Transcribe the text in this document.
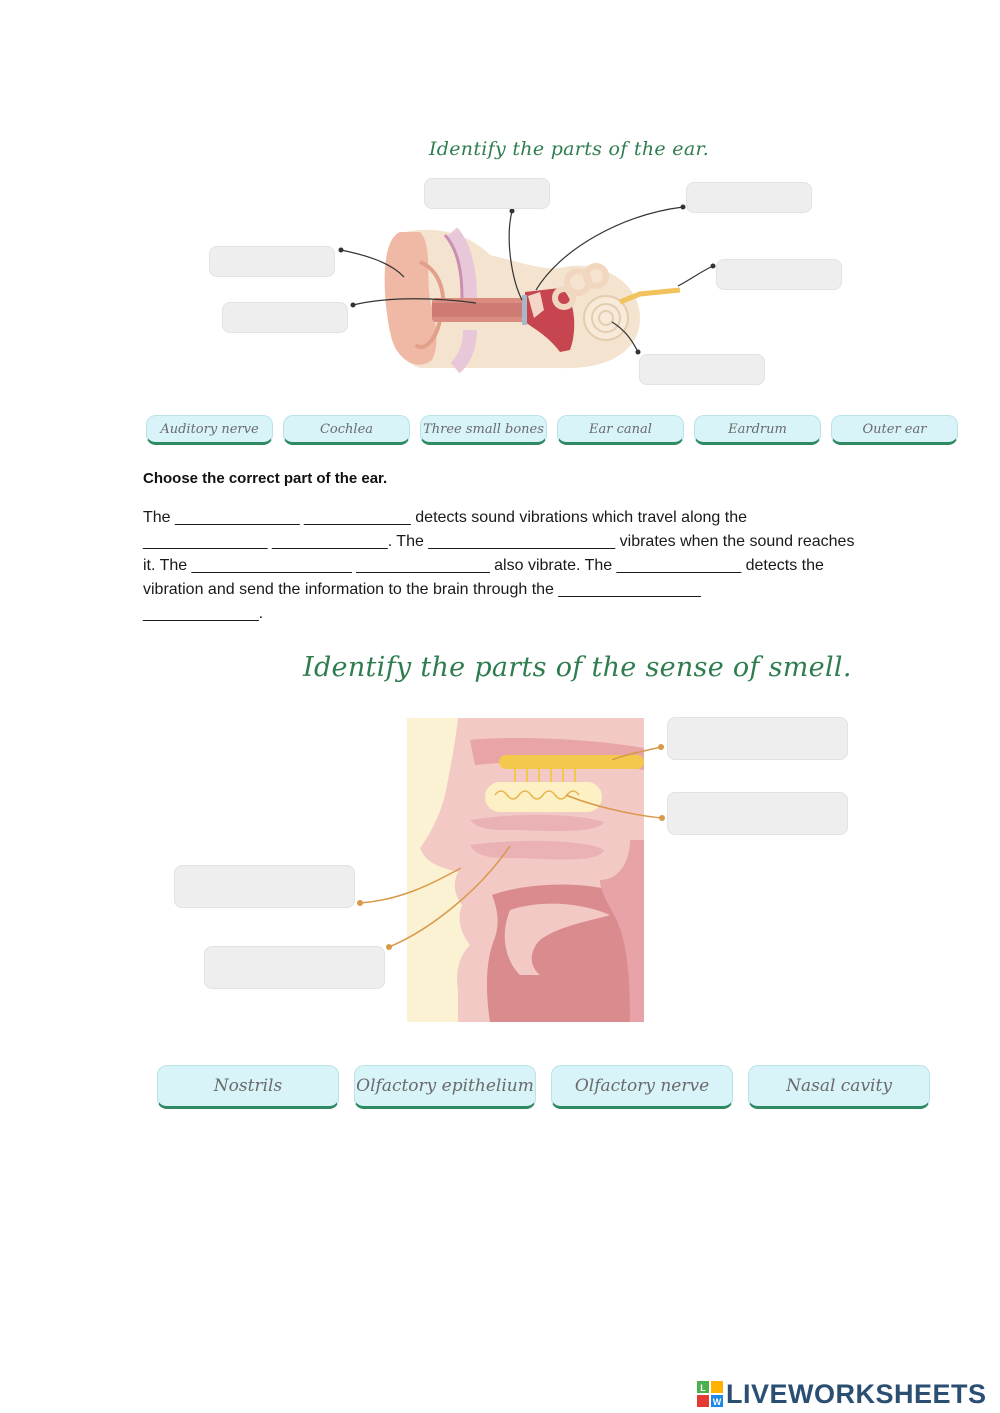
Identify the parts of the ear.
Auditory nerve	Cochlea	Three small bones	Ear canal	Eardrum	Outer ear
Choose the correct part of the ear.
The ______________ ____________ detects sound vibrations which travel along the
______________ _____________. The _____________________ vibrates when the sound reaches
it. The __________________ _______________ also vibrate. The ______________ detects the
vibration and send the information to the brain through the ________________
_____________.
Identify the parts of the sense of smell.
Nostrils	Olfactory epithelium	Olfactory nerve	Nasal cavity
L
W LIVEWORKSHEETS
